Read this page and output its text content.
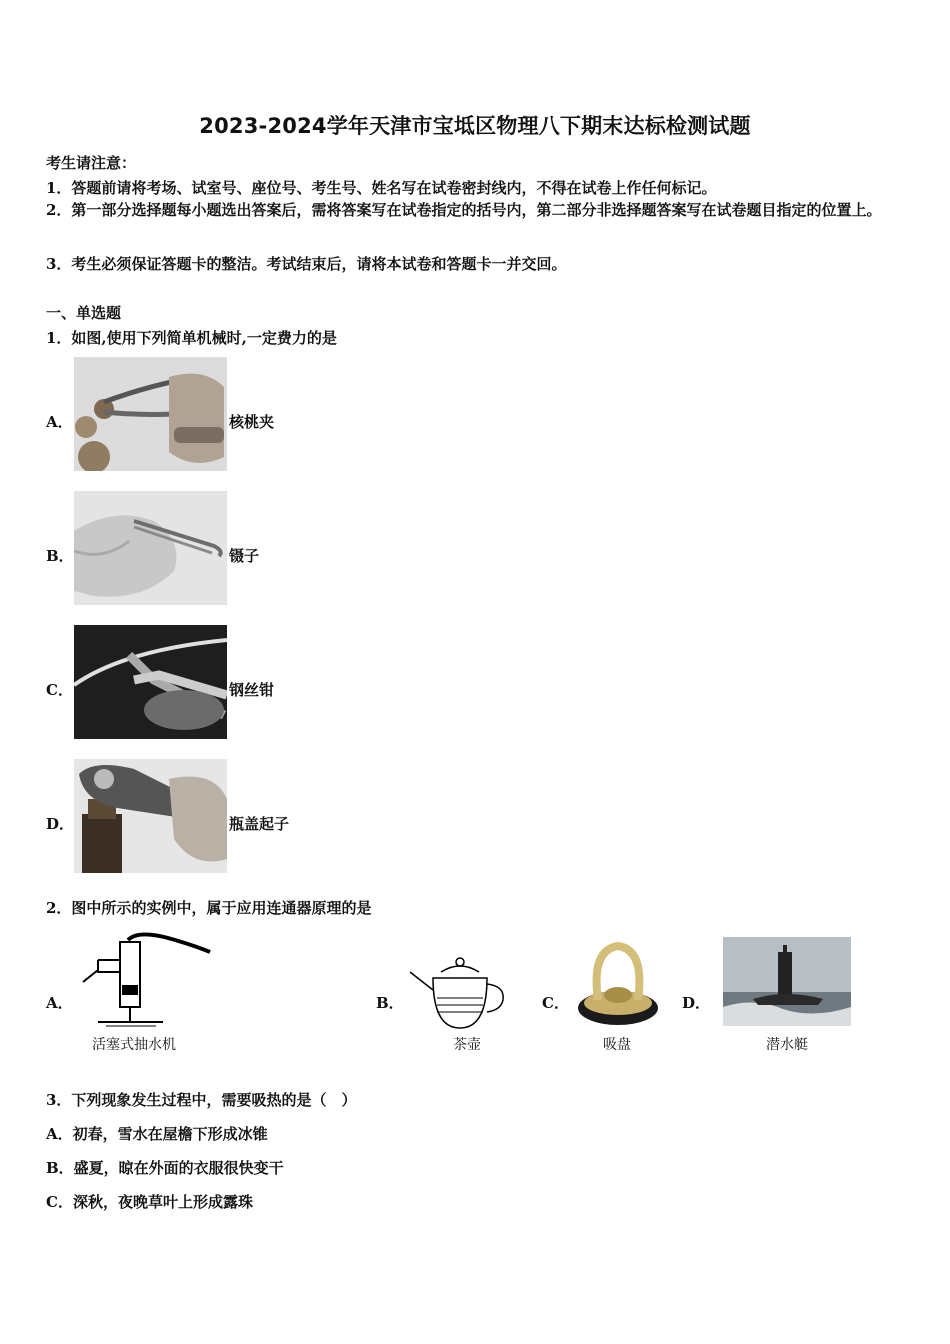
2023-2024学年天津市宝坻区物理八下期末达标检测试题
考生请注意：
1．答题前请将考场、试室号、座位号、考生号、姓名写在试卷密封线内，不得在试卷上作任何标记。
2．第一部分选择题每小题选出答案后，需将答案写在试卷指定的括号内，第二部分非选择题答案写在试卷题目指定的位置上。
3．考生必须保证答题卡的整洁。考试结束后，请将本试卷和答题卡一并交回。
一、单选题
1．如图,使用下列简单机械时,一定费力的是
A．	核桃夹
B．	镊子
C．	钢丝钳
D．	瓶盖起子
2．图中所示的实例中，属于应用连通器原理的是
A．
活塞式抽水机
B．
茶壶
C．
吸盘
D．
潜水艇
3．下列现象发生过程中，需要吸热的是（　）
A．初春，雪水在屋檐下形成冰锥
B．盛夏，晾在外面的衣服很快变干
C．深秋，夜晚草叶上形成露珠
